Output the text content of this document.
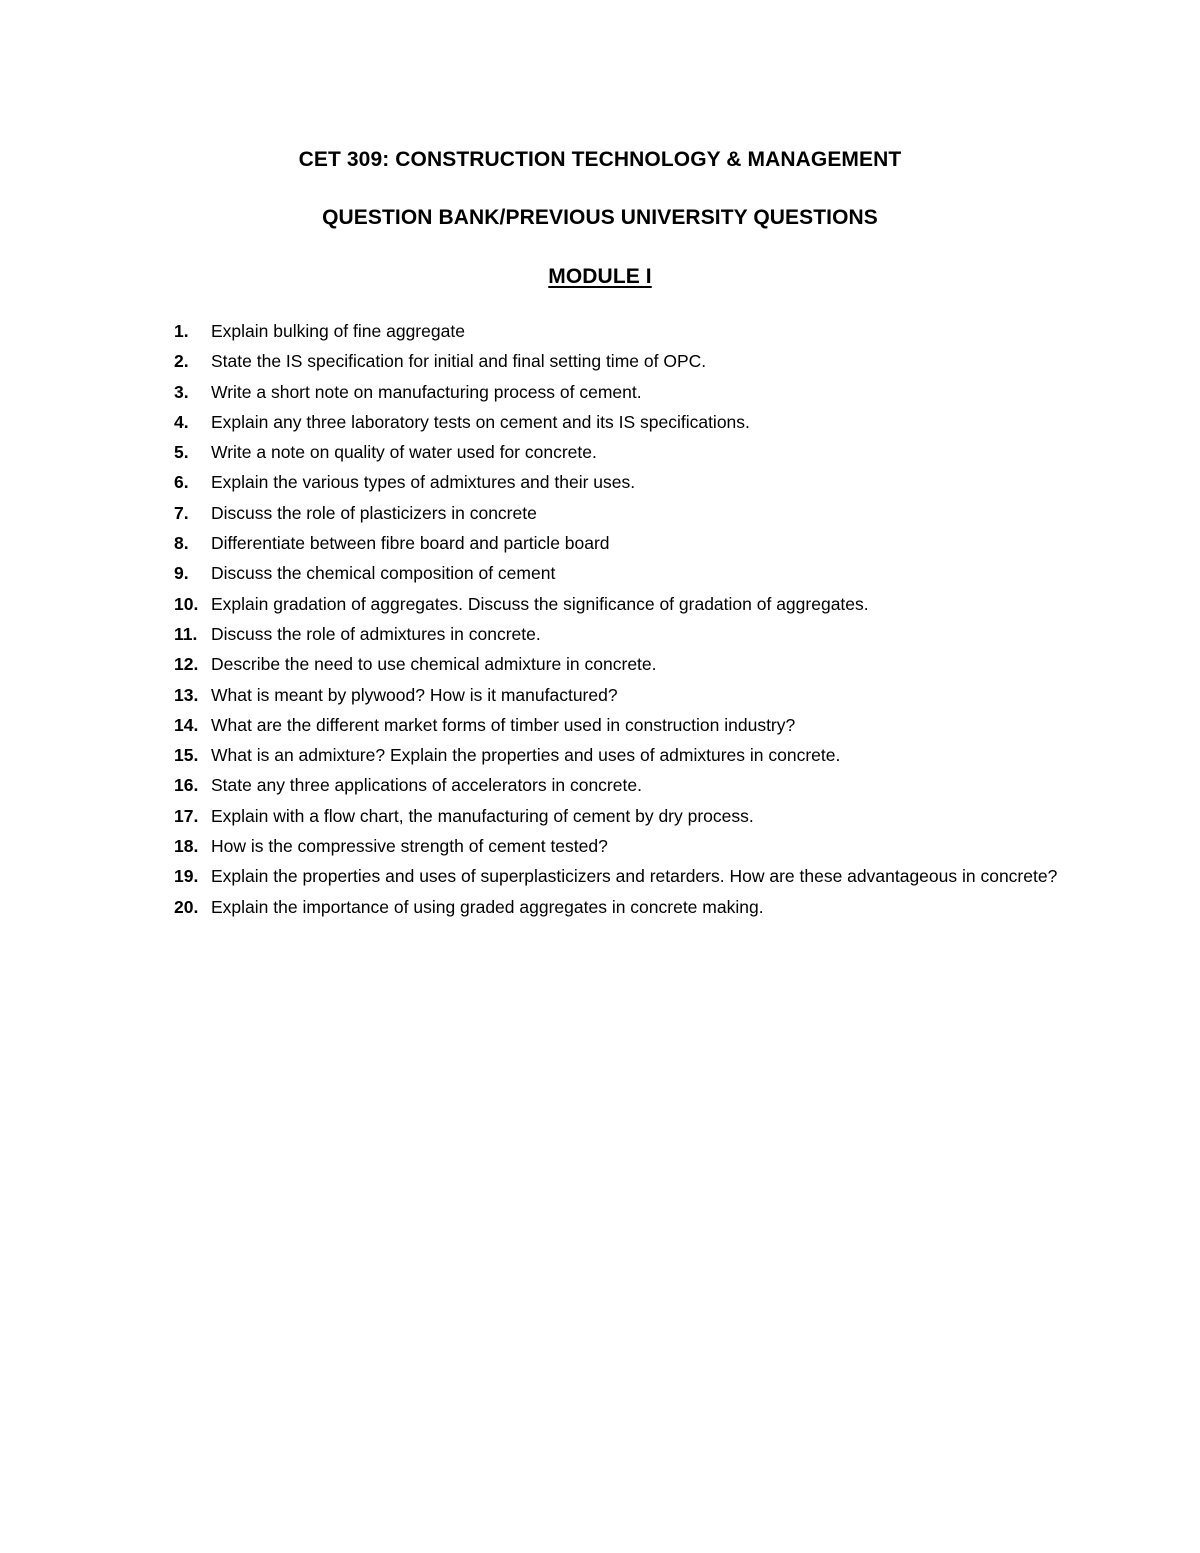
CET 309: CONSTRUCTION TECHNOLOGY & MANAGEMENT
QUESTION BANK/PREVIOUS UNIVERSITY QUESTIONS
MODULE I
1. Explain bulking of fine aggregate
2. State the IS specification for initial and final setting time of OPC.
3. Write a short note on manufacturing process of cement.
4. Explain any three laboratory tests on cement and its IS specifications.
5. Write a note on quality of water used for concrete.
6. Explain the various types of admixtures and their uses.
7. Discuss the role of plasticizers in concrete
8. Differentiate between fibre board and particle board
9. Discuss the chemical composition of cement
10. Explain gradation of aggregates. Discuss the significance of gradation of aggregates.
11. Discuss the role of admixtures in concrete.
12. Describe the need to use chemical admixture in concrete.
13. What is meant by plywood? How is it manufactured?
14. What are the different market forms of timber used in construction industry?
15. What is an admixture? Explain the properties and uses of admixtures in concrete.
16. State any three applications of accelerators in concrete.
17. Explain with a flow chart, the manufacturing of cement by dry process.
18. How is the compressive strength of cement tested?
19. Explain the properties and uses of superplasticizers and retarders. How are these advantageous in concrete?
20. Explain the importance of using graded aggregates in concrete making.
